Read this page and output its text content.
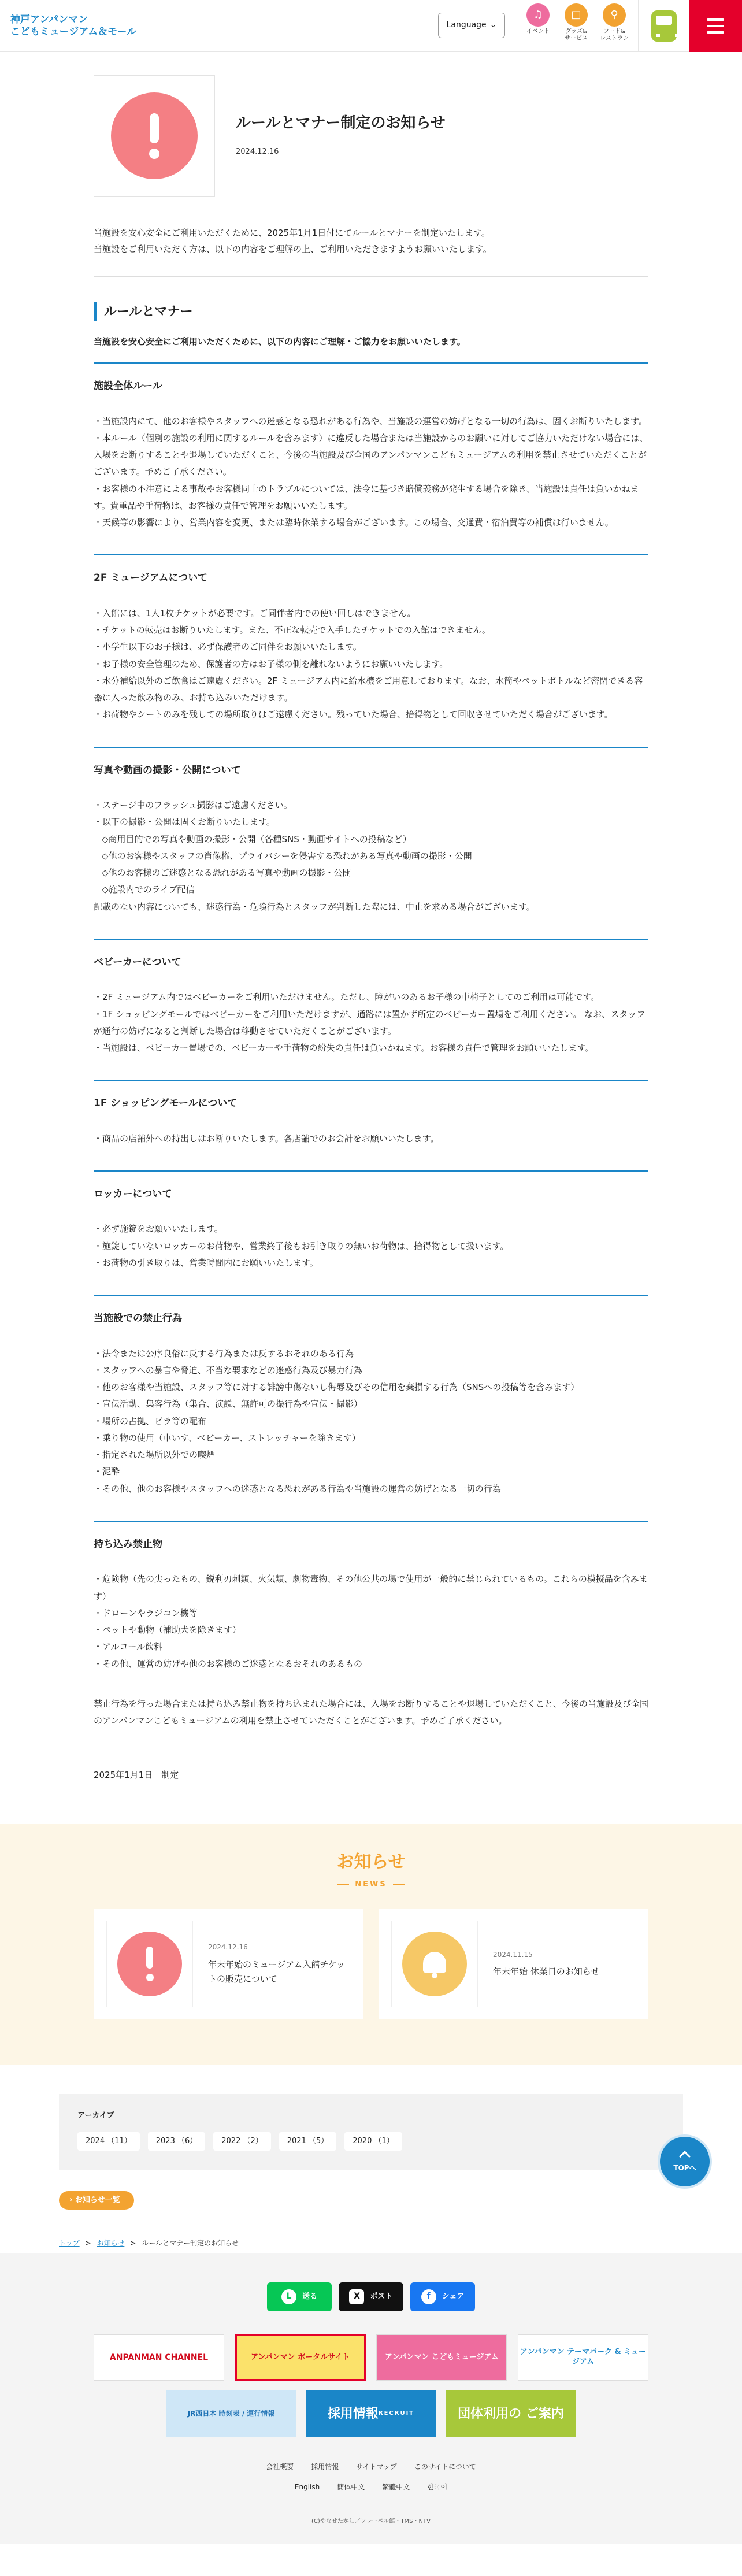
神戸アンパンマン
こどもミュージアム＆モール
Language ⌄
♫
イベント
□
グッズ&
サービス
⚲
フード&
レストラン
ルールとマナー制定のお知らせ
2024.12.16

当施設を安心安全にご利用いただくために、2025年1月1日付にてルールとマナーを制定いたします。

当施設をご利用いただく方は、以下の内容をご理解の上、ご利用いただきますようお願いいたします。

ルールとマナー

当施設を安心安全にご利用いただくために、以下の内容にご理解・ご協力をお願いいたします。

施設全体ルール
・当施設内にて、他のお客様やスタッフへの迷惑となる恐れがある行為や、当施設の運営の妨げとなる一切の行為は、固くお断りいたします。
・本ルール（個別の施設の利用に関するルールを含みます）に違反した場合または当施設からのお願いに対してご協力いただけない場合には、入場をお断りすることや退場していただくこと、今後の当施設及び全国のアンパンマンこどもミュージアムの利用を禁止させていただくことがございます。予めご了承ください。
・お客様の不注意による事故やお客様同士のトラブルについては、法令に基づき賠償義務が発生する場合を除き、当施設は責任は負いかねます。貴重品や手荷物は、お客様の責任で管理をお願いいたします。
・天候等の影響により、営業内容を変更、または臨時休業する場合がございます。この場合、交通費・宿泊費等の補償は行いません。
2F ミュージアムについて
・入館には、1人1枚チケットが必要です。ご同伴者内での使い回しはできません。
・チケットの転売はお断りいたします。また、不正な転売で入手したチケットでの入館はできません。
・小学生以下のお子様は、必ず保護者のご同伴をお願いいたします。
・お子様の安全管理のため、保護者の方はお子様の側を離れないようにお願いいたします。
・水分補給以外のご飲食はご遠慮ください。2F ミュージアム内に給水機をご用意しております。なお、水筒やペットボトルなど密閉できる容器に入った飲み物のみ、お持ち込みいただけます。
・お荷物やシートのみを残しての場所取りはご遠慮ください。残っていた場合、拾得物として回収させていただく場合がございます。
写真や動画の撮影・公開について
・ステージ中のフラッシュ撮影はご遠慮ください。
・以下の撮影・公開は固くお断りいたします。
◇商用目的での写真や動画の撮影・公開（各種SNS・動画サイトへの投稿など）
◇他のお客様やスタッフの肖像権、プライバシーを侵害する恐れがある写真や動画の撮影・公開
◇他のお客様のご迷惑となる恐れがある写真や動画の撮影・公開
◇施設内でのライブ配信

記載のない内容についても、迷惑行為・危険行為とスタッフが判断した際には、中止を求める場合がございます。

ベビーカーについて
・2F ミュージアム内ではベビーカーをご利用いただけません。ただし、障がいのあるお子様の車椅子としてのご利用は可能です。
・1F ショッピングモールではベビーカーをご利用いただけますが、通路には置かず所定のベビーカー置場をご利用ください。 なお、スタッフが通行の妨げになると判断した場合は移動させていただくことがございます。
・当施設は、ベビーカー置場での、ベビーカーや手荷物の紛失の責任は負いかねます。お客様の責任で管理をお願いいたします。
1F ショッピングモールについて
・商品の店舗外への持出しはお断りいたします。各店舗でのお会計をお願いいたします。
ロッカーについて
・必ず施錠をお願いいたします。
・施錠していないロッカーのお荷物や、営業終了後もお引き取りの無いお荷物は、拾得物として扱います。
・お荷物の引き取りは、営業時間内にお願いいたします。
当施設での禁止行為
・法令または公序良俗に反する行為または反するおそれのある行為
・スタッフへの暴言や脅迫、不当な要求などの迷惑行為及び暴力行為
・他のお客様や当施設、スタッフ等に対する誹謗中傷ないし侮辱及びその信用を棄損する行為（SNSへの投稿等を含みます）
・宣伝活動、集客行為（集合、演説、無許可の撮行為や宣伝・撮影）
・場所の占拠、ビラ等の配布
・乗り物の使用（車いす、ベビーカー、ストレッチャーを除きます）
・指定された場所以外での喫煙
・泥酔
・その他、他のお客様やスタッフへの迷惑となる恐れがある行為や当施設の運営の妨げとなる一切の行為
持ち込み禁止物
・危険物（先の尖ったもの、鋭利刃刺類、火気類、劇物毒物、その他公共の場で使用が一般的に禁じられているもの。これらの模擬品を含みます）
・ドローンやラジコン機等
・ペットや動物（補助犬を除きます）
・アルコール飲料
・その他、運営の妨げや他のお客様のご迷惑となるおそれのあるもの

禁止行為を行った場合または持ち込み禁止物を持ち込まれた場合には、入場をお断りすることや退場していただくこと、今後の当施設及び全国のアンパンマンこどもミュージアムの利用を禁止させていただくことがございます。予めご了承ください。

2025年1月1日　制定

お知らせ
NEWS
2024.12.16
年末年始のミュージアム入館チケットの販売について
2024.11.15
年末年始 休業日のお知らせ
アーカイブ
2024 （11）	2023 （6）	2022 （2）	2021 （5）	2020 （1）
› お知らせ一覧
トップ > お知らせ > ルールとマナー制定のお知らせ
TOPへ
L	送る	X	ポスト	f	シェア
ANPANMAN CHANNEL	アンパンマン ポータルサイト	アンパンマン こどもミュージアム
アンパンマン テーマパーク & ミュージアム
JR西日本 時刻表 / 運行情報	採用情報 RECRUIT	団体利用の ご案内
会社概要	採用情報	サイトマップ	このサイトについて
English	簡体中文	繁體中文	한국어
(C)やなせたかし／フレーベル館・TMS・NTV
